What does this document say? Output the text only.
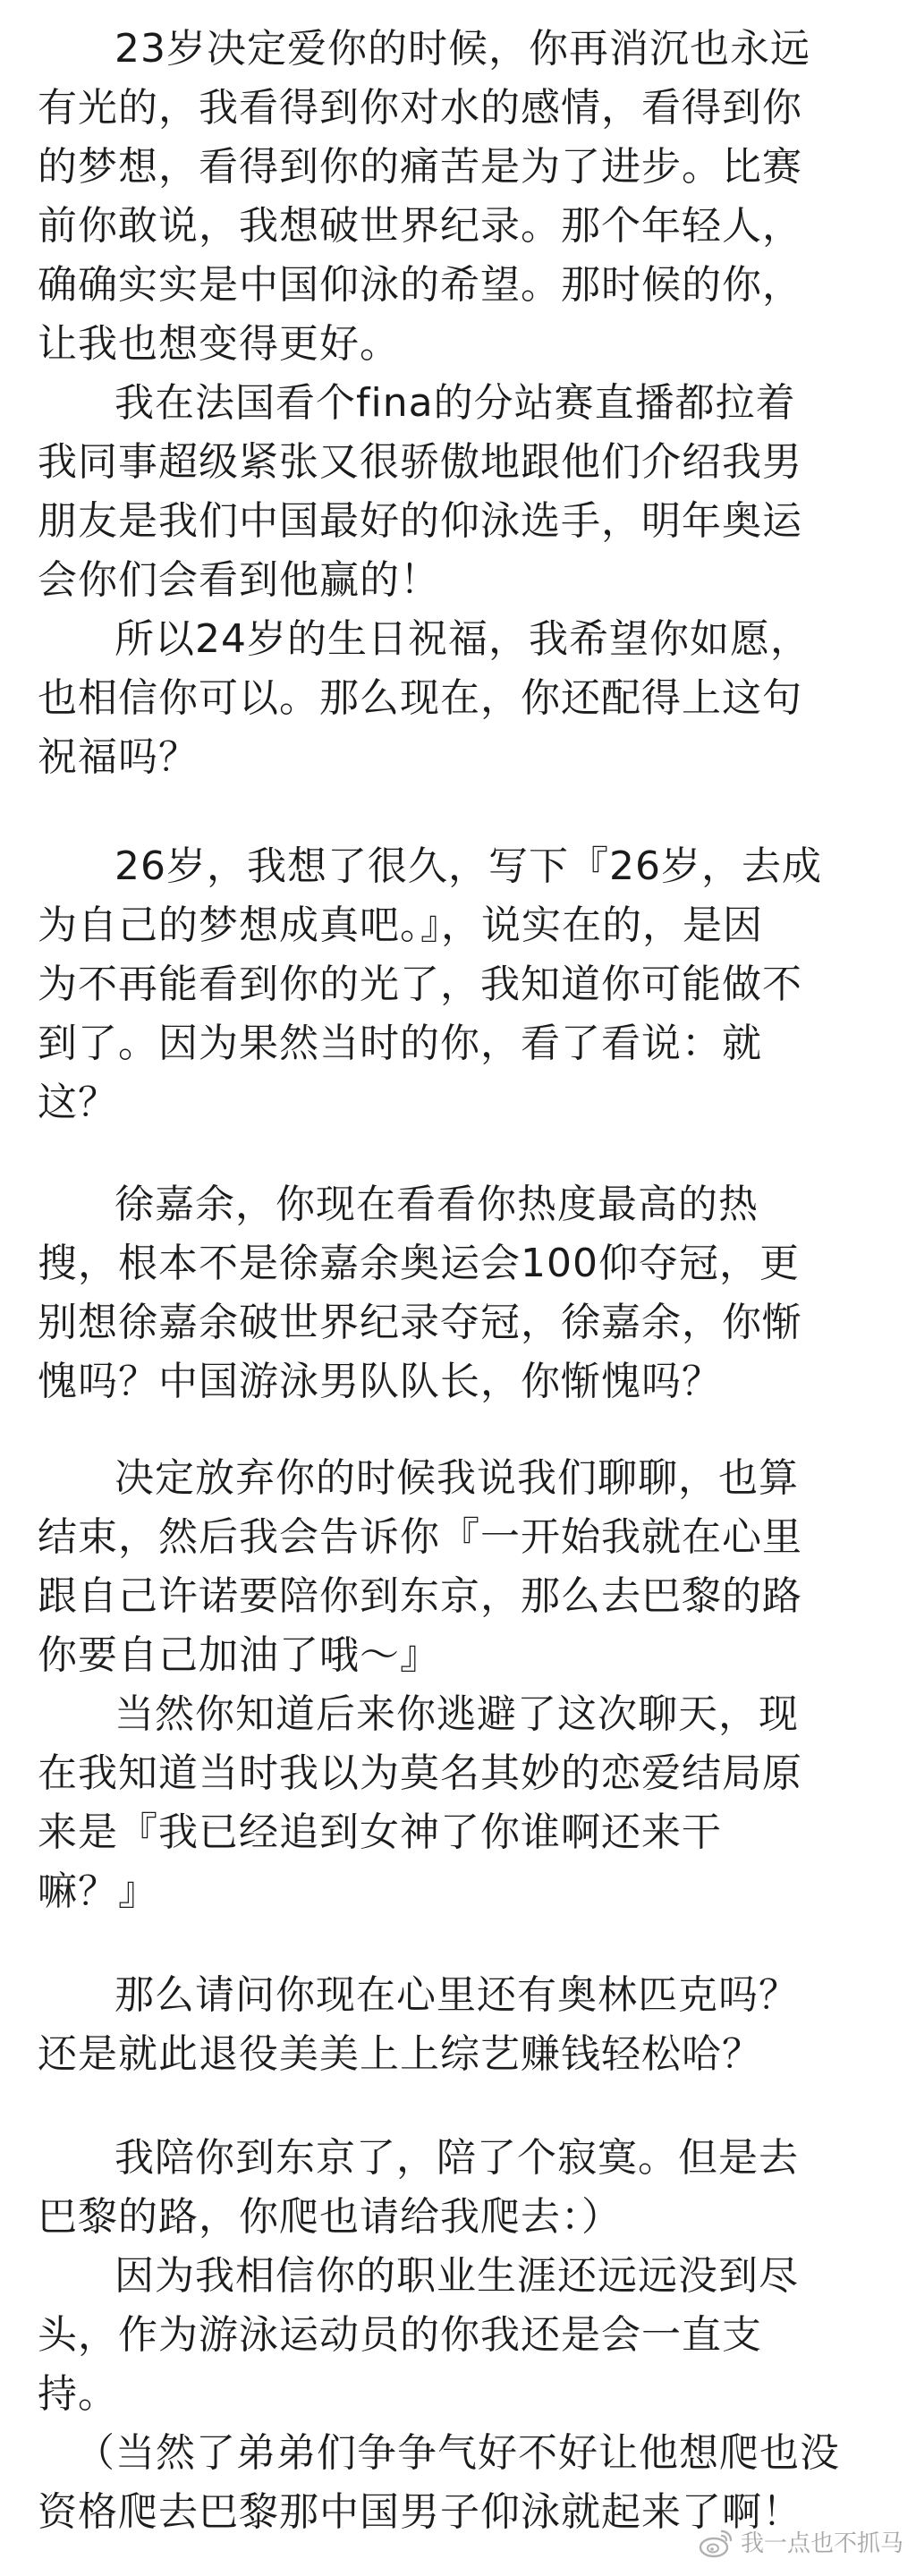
23岁决定爱你的时候，你再消沉也永远
有光的，我看得到你对水的感情，看得到你
的梦想，看得到你的痛苦是为了进步。比赛
前你敢说，我想破世界纪录。那个年轻人，
确确实实是中国仰泳的希望。那时候的你，
让我也想变得更好。
我在法国看个fina的分站赛直播都拉着
我同事超级紧张又很骄傲地跟他们介绍我男
朋友是我们中国最好的仰泳选手，明年奥运
会你们会看到他赢的！
所以24岁的生日祝福，我希望你如愿，
也相信你可以。那么现在，你还配得上这句
祝福吗？
26岁，我想了很久，写下『26岁，去成
为自己的梦想成真吧。』，说实在的，是因
为不再能看到你的光了，我知道你可能做不
到了。因为果然当时的你，看了看说：就
这？
徐嘉余，你现在看看你热度最高的热
搜，根本不是徐嘉余奥运会100仰夺冠，更
别想徐嘉余破世界纪录夺冠，徐嘉余，你惭
愧吗？中国游泳男队队长，你惭愧吗？
决定放弃你的时候我说我们聊聊，也算
结束，然后我会告诉你『一开始我就在心里
跟自己许诺要陪你到东京，那么去巴黎的路
你要自己加油了哦～』
当然你知道后来你逃避了这次聊天，现
在我知道当时我以为莫名其妙的恋爱结局原
来是『我已经追到女神了你谁啊还来干
嘛？』
那么请问你现在心里还有奥林匹克吗？
还是就此退役美美上上综艺赚钱轻松哈？
我陪你到东京了，陪了个寂寞。但是去
巴黎的路，你爬也请给我爬去：）
因为我相信你的职业生涯还远远没到尽
头，作为游泳运动员的你我还是会一直支
持。
（当然了弟弟们争争气好不好让他想爬也没
资格爬去巴黎那中国男子仰泳就起来了啊！
我一点也不抓马
